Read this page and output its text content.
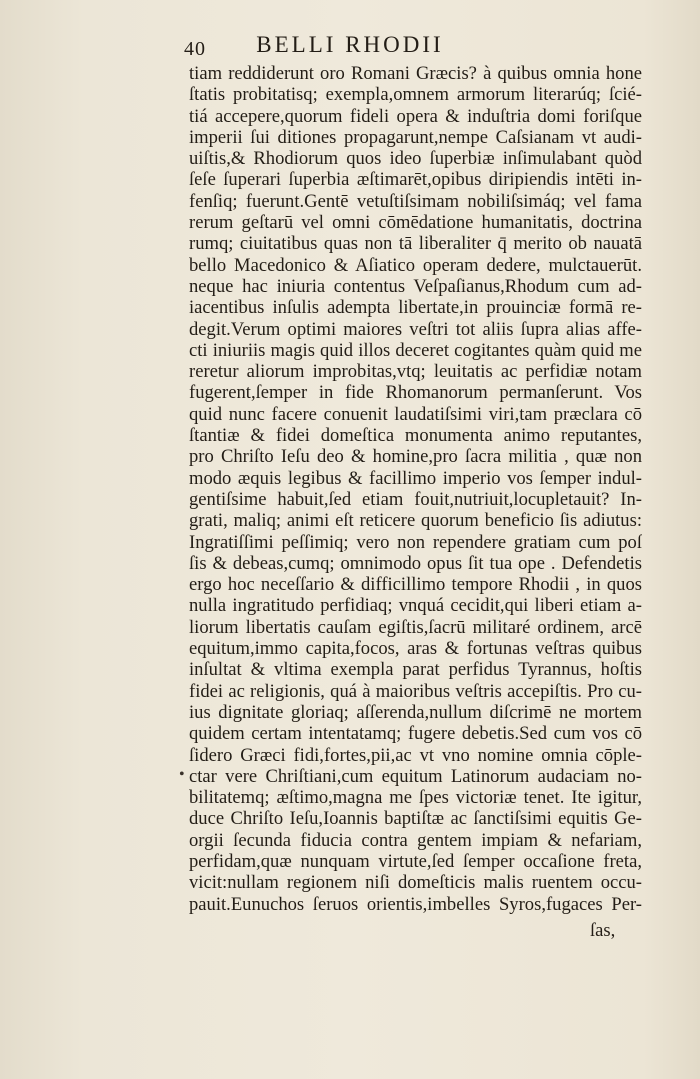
40	BELLI RHODII
•
tiam reddiderunt oro Romani Græcis? à quibus omnia hone
ſtatis probitatisq; exempla,omnem armorum literarúq; ſcié-
tiá accepere,quorum fideli opera & induſtria domi foriſque
imperii ſui ditiones propagarunt,nempe Caſsianam vt audi-
uiſtis,& Rhodiorum quos ideo ſuperbiæ inſimulabant quòd
ſeſe ſuperari ſuperbia æſtimarēt,opibus diripiendis intēti in-
fenſiq; fuerunt.Gentē vetuſtiſsimam nobiliſsimáq; vel fama
rerum geſtarū vel omni cōmēdatione humanitatis, doctrina
rumq; ciuitatibus quas non tā liberaliter q̄ merito ob nauatā
bello Macedonico & Aſiatico operam dedere, mulctauerūt.
neque hac iniuria contentus Veſpaſianus,Rhodum cum ad-
iacentibus inſulis adempta libertate,in prouinciæ formā re-
degit.Verum optimi maiores veſtri tot aliis ſupra alias affe-
cti iniuriis magis quid illos deceret cogitantes quàm quid me
reretur aliorum improbitas,vtq; leuitatis ac perfidiæ notam
fugerent,ſemper in fide Rhomanorum permanſerunt. Vos
quid nunc facere conuenit laudatiſsimi viri,tam præclara cō
ſtantiæ & fidei domeſtica monumenta animo reputantes,
pro Chriſto Ieſu deo & homine,pro ſacra militia , quæ non
modo æquis legibus & facillimo imperio vos ſemper indul-
gentiſsime habuit,ſed etiam fouit,nutriuit,locupletauit? In-
grati, maliq; animi eſt reticere quorum beneficio ſis adiutus:
Ingratiſſimi peſſimiq; vero non rependere gratiam cum poſ
ſis & debeas,cumq; omnimodo opus ſit tua ope . Defendetis
ergo hoc neceſſario & difficillimo tempore Rhodii , in quos
nulla ingratitudo perfidiaq; vnquá cecidit,qui liberi etiam a-
liorum libertatis cauſam egiſtis,ſacrū militaré ordinem, arcē
equitum,immo capita,focos, aras & fortunas veſtras quibus
inſultat & vltima exempla parat perfidus Tyrannus, hoſtis
fidei ac religionis, quá à maioribus veſtris accepiſtis. Pro cu-
ius dignitate gloriaq; aſſerenda,nullum diſcrimē ne mortem
quidem certam intentatamq; fugere debetis.Sed cum vos cō
ſidero Græci fidi,fortes,pii,ac vt vno nomine omnia cōple-
ctar vere Chriſtiani,cum equitum Latinorum audaciam no-
bilitatemq; æſtimo,magna me ſpes victoriæ tenet. Ite igitur,
duce Chriſto Ieſu,Ioannis baptiſtæ ac ſanctiſsimi equitis Ge-
orgii ſecunda fiducia contra gentem impiam & nefariam,
perfidam,quæ nunquam virtute,ſed ſemper occaſione freta,
vicit:nullam regionem niſi domeſticis malis ruentem occu-
pauit.Eunuchos ſeruos orientis,imbelles Syros,fugaces Per-
ſas,
